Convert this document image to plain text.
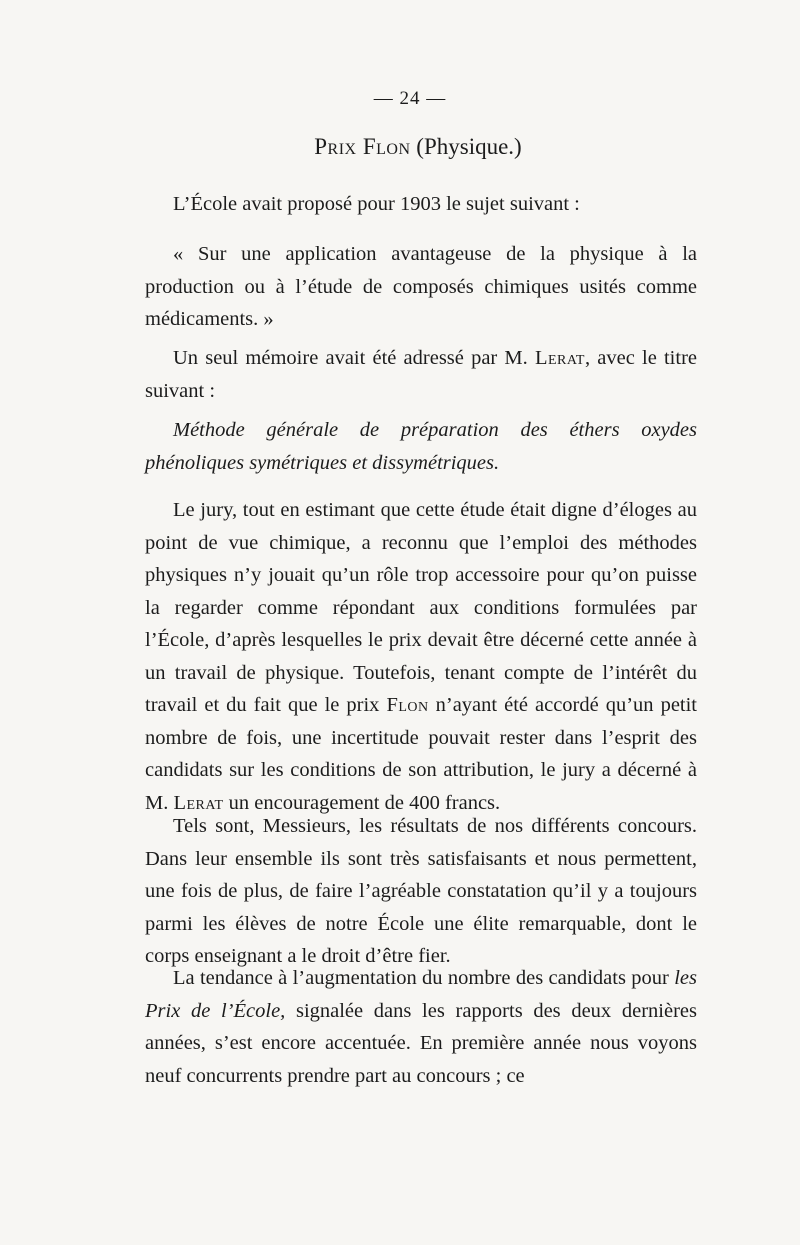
— 24 —
Prix Flon (Physique.)

L’École avait proposé pour 1903 le sujet suivant :

« Sur une application avantageuse de la physique à la production ou à l’étude de composés chimiques usités comme médicaments. »

Un seul mémoire avait été adressé par M. Lerat, avec le titre suivant :

Méthode générale de préparation des éthers oxydes phénoliques symétriques et dissymétriques.

Le jury, tout en estimant que cette étude était digne d’éloges au point de vue chimique, a reconnu que l’emploi des méthodes physiques n’y jouait qu’un rôle trop accessoire pour qu’on puisse la regarder comme répondant aux conditions formulées par l’École, d’après lesquelles le prix devait être décerné cette année à un travail de physique. Toutefois, tenant compte de l’intérêt du travail et du fait que le prix Flon n’ayant été accordé qu’un petit nombre de fois, une incertitude pouvait rester dans l’esprit des candidats sur les conditions de son attribution, le jury a décerné à M. Lerat un encouragement de 400 francs.

Tels sont, Messieurs, les résultats de nos différents concours. Dans leur ensemble ils sont très satisfaisants et nous permettent, une fois de plus, de faire l’agréable constatation qu’il y a toujours parmi les élèves de notre École une élite remarquable, dont le corps enseignant a le droit d’être fier.

La tendance à l’augmentation du nombre des candidats pour les Prix de l’École, signalée dans les rapports des deux dernières années, s’est encore accentuée. En première année nous voyons neuf concurrents prendre part au concours ; ce
